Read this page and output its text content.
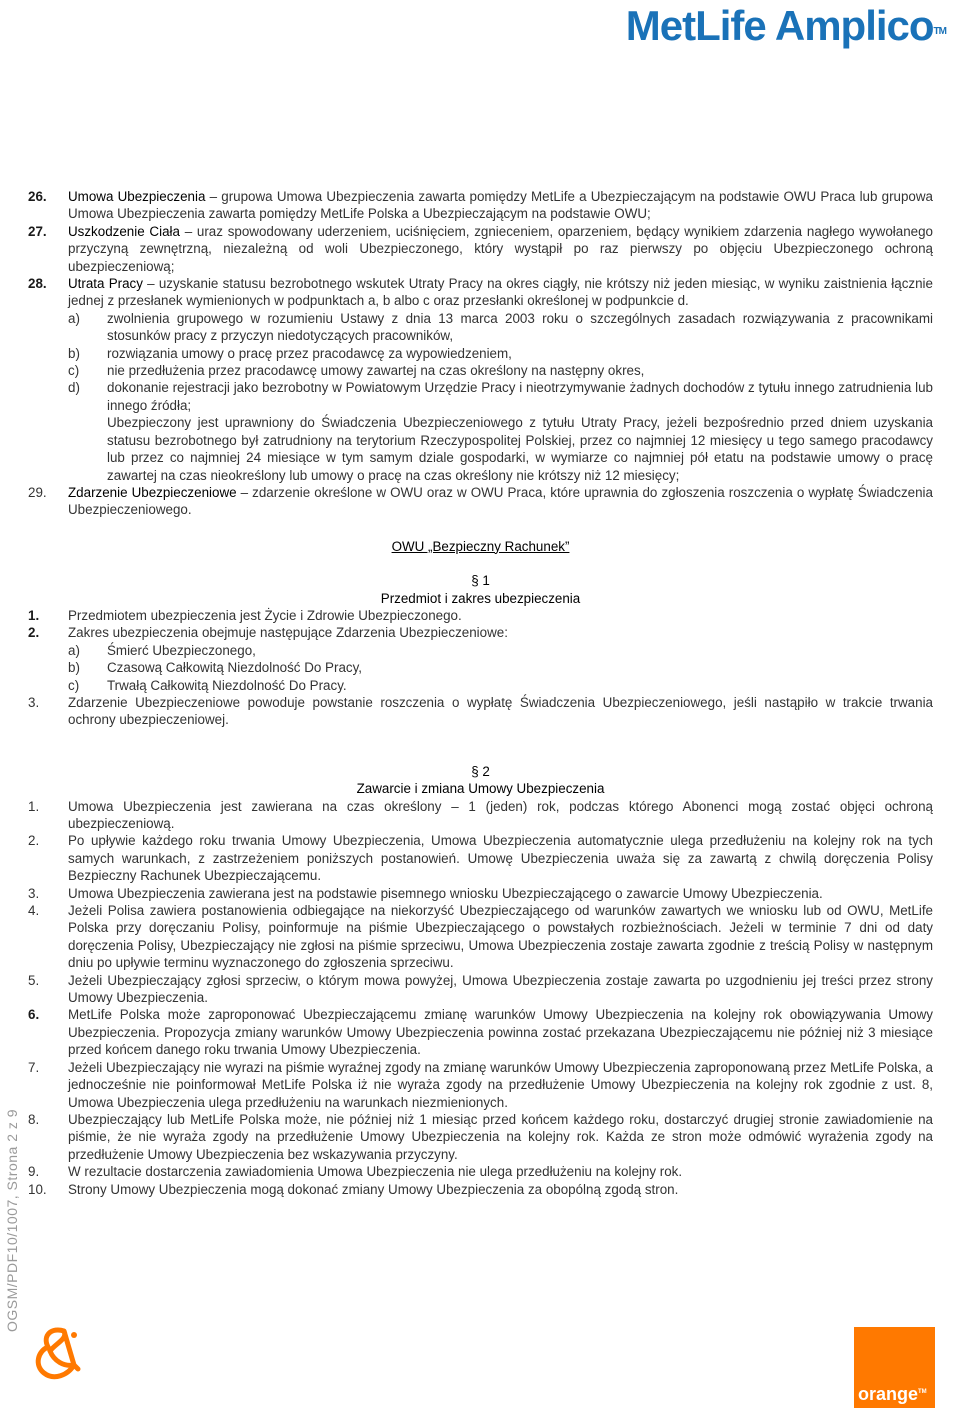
MetLife Amplico™
26.	Umowa Ubezpieczenia – grupowa Umowa Ubezpieczenia zawarta pomiędzy MetLife a Ubezpieczającym na podstawie OWU Praca lub grupowa Umowa Ubezpieczenia zawarta pomiędzy MetLife Polska a Ubezpieczającym na podstawie OWU;
27.	Uszkodzenie Ciała – uraz spowodowany uderzeniem, uciśnięciem, zgnieceniem, oparzeniem, będący wynikiem zdarzenia nagłego wywołanego przyczyną zewnętrzną, niezależną od woli Ubezpieczonego, który wystąpił po raz pierwszy po objęciu Ubezpieczonego ochroną ubezpieczeniową;
28.	Utrata Pracy – uzyskanie statusu bezrobotnego wskutek Utraty Pracy na okres ciągły, nie krótszy niż jeden miesiąc, w wyniku zaistnienia łącznie jednej z przesłanek wymienionych w podpunktach a, b albo c oraz przesłanki określonej w podpunkcie d.
a)	zwolnienia grupowego w rozumieniu Ustawy z dnia 13 marca 2003 roku o szczególnych zasadach rozwiązywania z pracownikami stosunków pracy z przyczyn niedotyczących pracowników,
b)	rozwiązania umowy o pracę przez pracodawcę za wypowiedzeniem,
c)	nie przedłużenia przez pracodawcę umowy zawartej na czas określony na następny okres,
d)	dokonanie rejestracji jako bezrobotny w Powiatowym Urzędzie Pracy i nieotrzymywanie żadnych dochodów z tytułu innego zatrudnienia lub innego źródła;
Ubezpieczony jest uprawniony do Świadczenia Ubezpieczeniowego z tytułu Utraty Pracy, jeżeli bezpośrednio przed dniem uzyskania statusu bezrobotnego był zatrudniony na terytorium Rzeczypospolitej Polskiej, przez co najmniej 12 miesięcy u tego samego pracodawcy lub przez co najmniej 24 miesiące w tym samym dziale gospodarki, w wymiarze co najmniej pół etatu na podstawie umowy o pracę zawartej na czas nieokreślony lub umowy o pracę na czas określony nie krótszy niż 12 miesięcy;
29.	Zdarzenie Ubezpieczeniowe – zdarzenie określone w OWU oraz w OWU Praca, które uprawnia do zgłoszenia roszczenia o wypłatę Świadczenia Ubezpieczeniowego.
OWU „Bezpieczny Rachunek”
§ 1
Przedmiot i zakres ubezpieczenia
1.	Przedmiotem ubezpieczenia jest Życie i Zdrowie Ubezpieczonego.
2.	Zakres ubezpieczenia obejmuje następujące Zdarzenia Ubezpieczeniowe:
a)	Śmierć Ubezpieczonego,
b)	Czasową Całkowitą Niezdolność Do Pracy,
c)	Trwałą Całkowitą Niezdolność Do Pracy.
3.	Zdarzenie Ubezpieczeniowe powoduje powstanie roszczenia o wypłatę Świadczenia Ubezpieczeniowego, jeśli nastąpiło w trakcie trwania ochrony ubezpieczeniowej.
§ 2
Zawarcie i zmiana Umowy Ubezpieczenia
1.	Umowa Ubezpieczenia jest zawierana na czas określony – 1 (jeden) rok, podczas którego Abonenci mogą zostać objęci ochroną ubezpieczeniową.
2.	Po upływie każdego roku trwania Umowy Ubezpieczenia, Umowa Ubezpieczenia automatycznie ulega przedłużeniu na kolejny rok na tych samych warunkach, z zastrzeżeniem poniższych postanowień. Umowę Ubezpieczenia uważa się za zawartą z chwilą doręczenia Polisy Bezpieczny Rachunek Ubezpieczającemu.
3.	Umowa Ubezpieczenia zawierana jest na podstawie pisemnego wniosku Ubezpieczającego o zawarcie Umowy Ubezpieczenia.
4.	Jeżeli Polisa zawiera postanowienia odbiegające na niekorzyść Ubezpieczającego od warunków zawartych we wniosku lub od OWU, MetLife Polska przy doręczaniu Polisy, poinformuje na piśmie Ubezpieczającego o powstałych rozbieżnościach. Jeżeli w terminie 7 dni od daty doręczenia Polisy, Ubezpieczający nie zgłosi na piśmie sprzeciwu, Umowa Ubezpieczenia zostaje zawarta zgodnie z treścią Polisy w następnym dniu po upływie terminu wyznaczonego do zgłoszenia sprzeciwu.
5.	Jeżeli Ubezpieczający zgłosi sprzeciw, o którym mowa powyżej, Umowa Ubezpieczenia zostaje zawarta po uzgodnieniu jej treści przez strony Umowy Ubezpieczenia.
6.	MetLife Polska może zaproponować Ubezpieczającemu zmianę warunków Umowy Ubezpieczenia na kolejny rok obowiązywania Umowy Ubezpieczenia. Propozycja zmiany warunków Umowy Ubezpieczenia powinna zostać przekazana Ubezpieczającemu nie później niż 3 miesiące przed końcem danego roku trwania Umowy Ubezpieczenia.
7.	Jeżeli Ubezpieczający nie wyrazi na piśmie wyraźnej zgody na zmianę warunków Umowy Ubezpieczenia zaproponowaną przez MetLife Polska, a jednocześnie nie poinformował MetLife Polska iż nie wyraża zgody na przedłużenie Umowy Ubezpieczenia na kolejny rok zgodnie z ust. 8, Umowa Ubezpieczenia ulega przedłużeniu na warunkach niezmienionych.
8.	Ubezpieczający lub MetLife Polska może, nie później niż 1 miesiąc przed końcem każdego roku, dostarczyć drugiej stronie zawiadomienie na piśmie, że nie wyraża zgody na przedłużenie Umowy Ubezpieczenia na kolejny rok. Każda ze stron może odmówić wyrażenia zgody na przedłużenie Umowy Ubezpieczenia bez wskazywania przyczyny.
9.	W rezultacie dostarczenia zawiadomienia Umowa Ubezpieczenia nie ulega przedłużeniu na kolejny rok.
10.	Strony Umowy Ubezpieczenia mogą dokonać zmiany Umowy Ubezpieczenia za obopólną zgodą stron.
OGSM/PDF10/1007, Strona 2 z 9
orange™
